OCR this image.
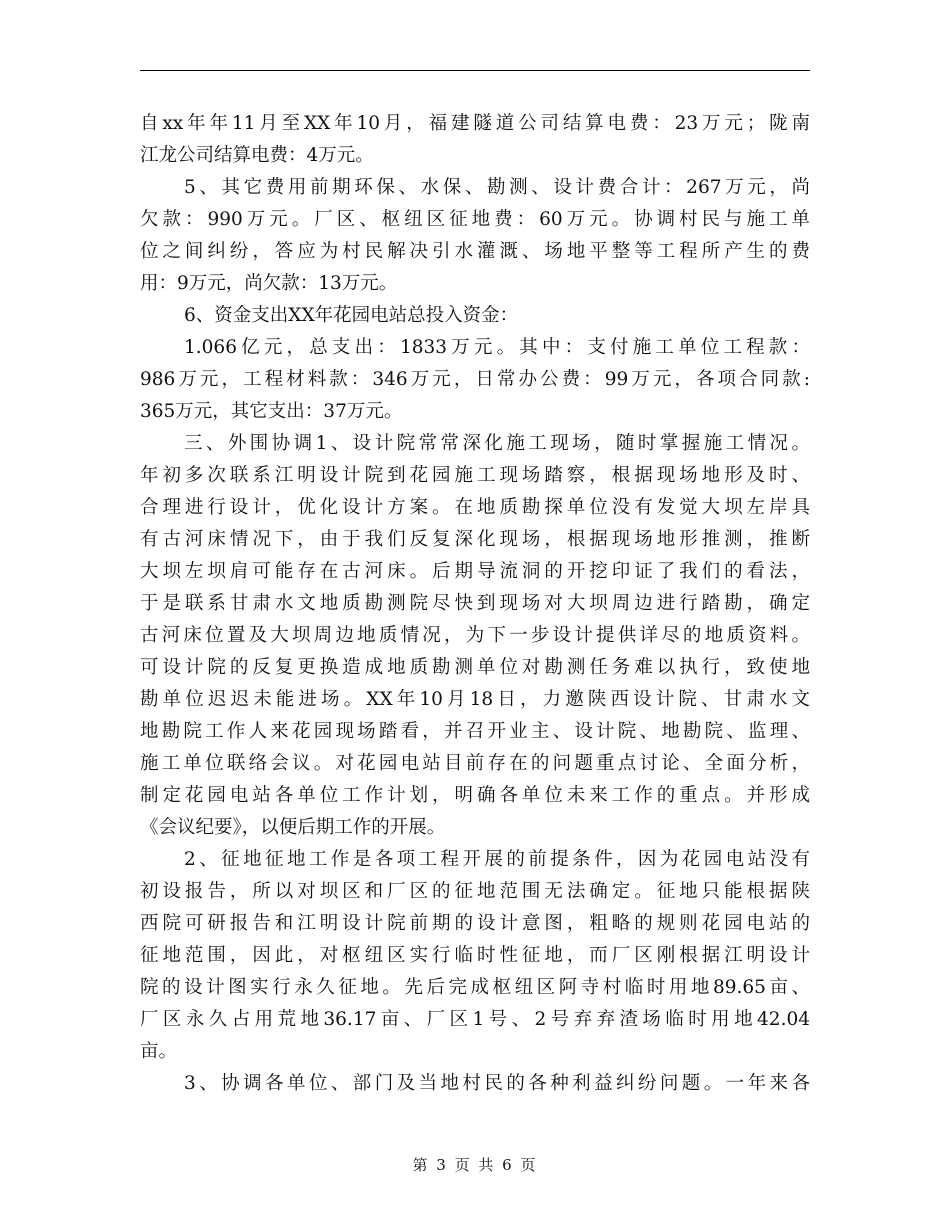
自xx年年11月至XX年10月，福建隧道公司结算电费：23万元；陇南
江龙公司结算电费：4万元。
5、其它费用前期环保、水保、勘测、设计费合计：267万元，尚
欠款：990万元。厂区、枢纽区征地费：60万元。协调村民与施工单
位之间纠纷，答应为村民解决引水灌溉、场地平整等工程所产生的费
用：9万元，尚欠款：13万元。
6、资金支出XX年花园电站总投入资金：
1.066亿元，总支出：1833万元。其中：支付施工单位工程款：
986万元，工程材料款：346万元，日常办公费：99万元，各项合同款:
365万元，其它支出：37万元。
三、外围协调1、设计院常常深化施工现场，随时掌握施工情况。
年初多次联系江明设计院到花园施工现场踏察，根据现场地形及时、
合理进行设计，优化设计方案。在地质勘探单位没有发觉大坝左岸具
有古河床情况下，由于我们反复深化现场，根据现场地形推测，推断
大坝左坝肩可能存在古河床。后期导流洞的开挖印证了我们的看法，
于是联系甘肃水文地质勘测院尽快到现场对大坝周边进行踏勘，确定
古河床位置及大坝周边地质情况，为下一步设计提供详尽的地质资料。
可设计院的反复更换造成地质勘测单位对勘测任务难以执行，致使地
勘单位迟迟未能进场。XX年10月18日，力邀陕西设计院、甘肃水文
地勘院工作人来花园现场踏看，并召开业主、设计院、地勘院、监理、
施工单位联络会议。对花园电站目前存在的问题重点讨论、全面分析，
制定花园电站各单位工作计划，明确各单位未来工作的重点。并形成
《会议纪要》，以便后期工作的开展。
2、征地征地工作是各项工程开展的前提条件，因为花园电站没有
初设报告，所以对坝区和厂区的征地范围无法确定。征地只能根据陕
西院可研报告和江明设计院前期的设计意图，粗略的规则花园电站的
征地范围，因此，对枢纽区实行临时性征地，而厂区刚根据江明设计
院的设计图实行永久征地。先后完成枢纽区阿寺村临时用地89.65亩、
厂区永久占用荒地36.17亩、厂区1号、2号弃弃渣场临时用地42.04
亩。
3、协调各单位、部门及当地村民的各种利益纠纷问题。一年来各
第 3 页 共 6 页
